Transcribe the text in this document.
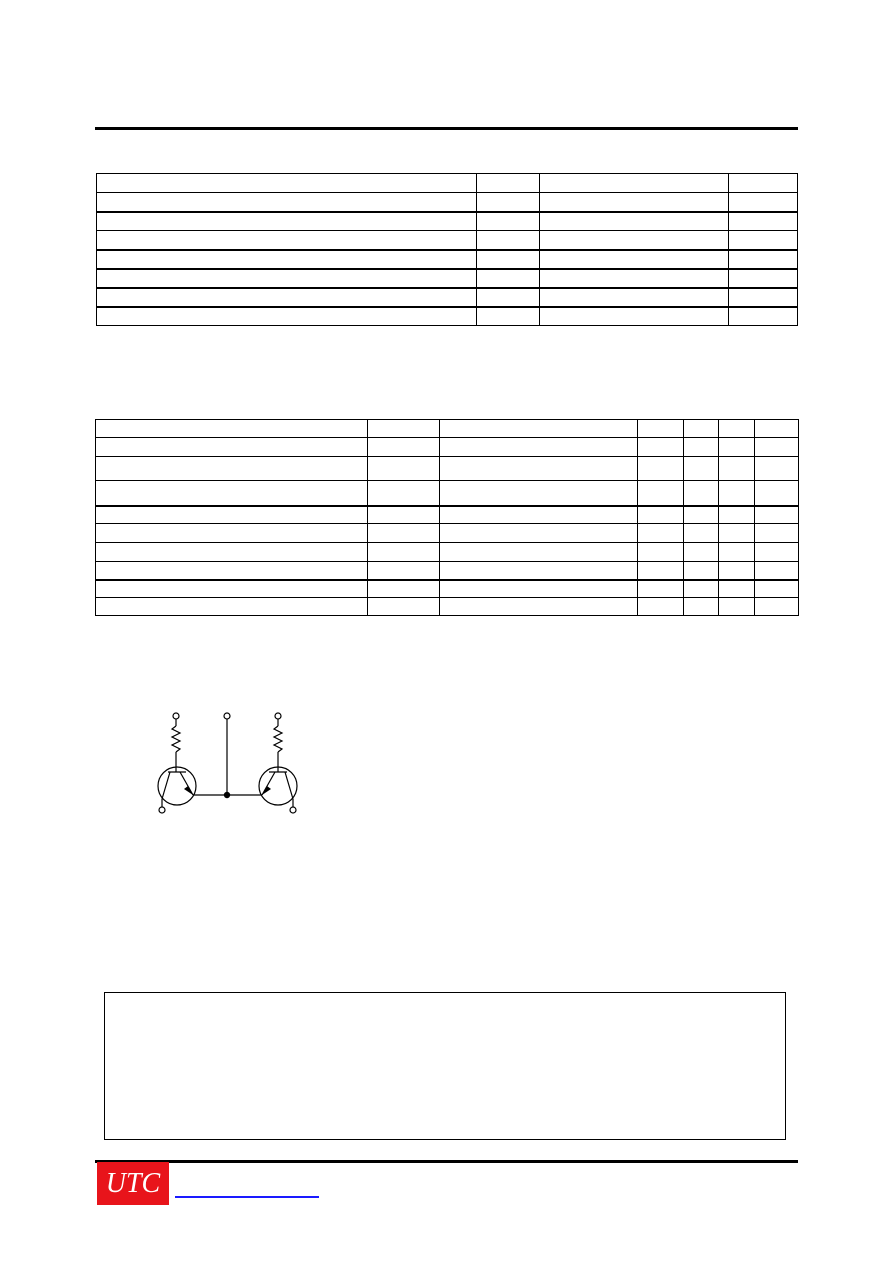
UTC
